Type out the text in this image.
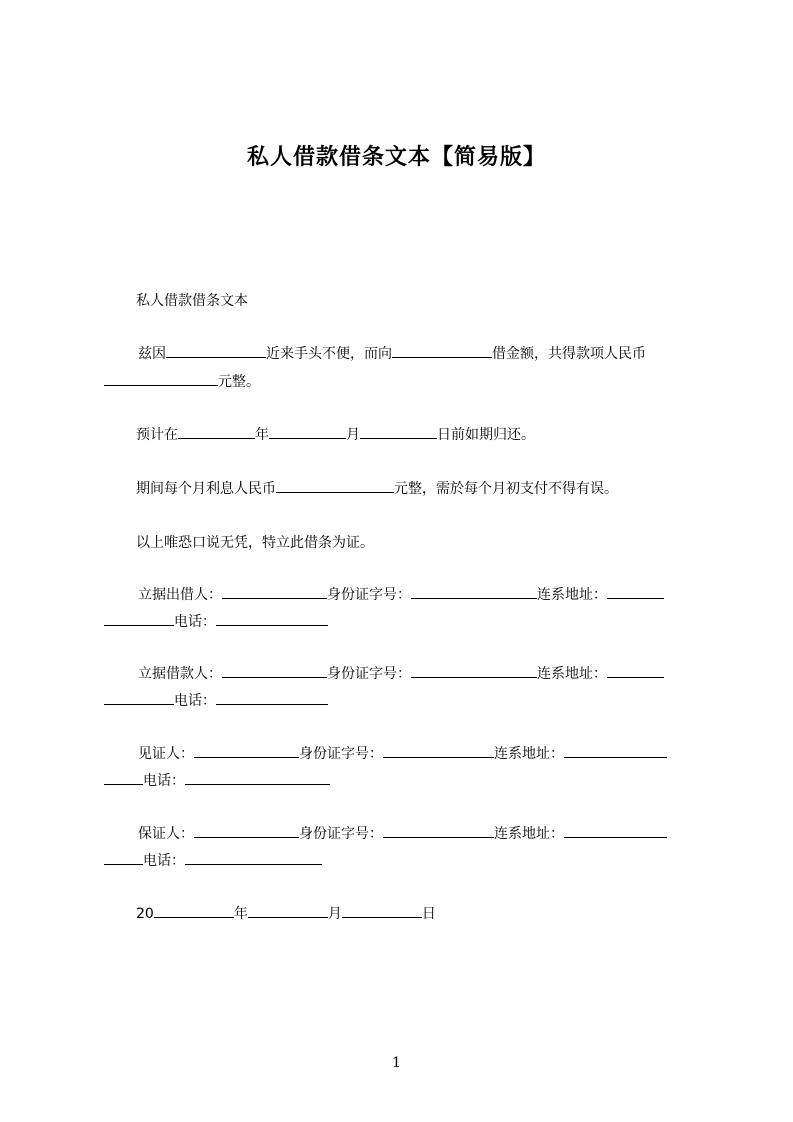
私人借款借条文本【简易版】
私人借款借条文本
兹因	近来手头不便，而向	借金额，共得款项人民币
元整。
预计在	年	月	日前如期归还。
期间每个月利息人民币	元整，需於每个月初支付不得有误。
以上唯恐口说无凭，特立此借条为证。
立据出借人：	身份证字号：	连系地址：
电话：
立据借款人：	身份证字号：	连系地址：
电话：
见证人：	身份证字号：	连系地址：
电话：
保证人：	身份证字号：	连系地址：
电话：
20	年	月	日
1
